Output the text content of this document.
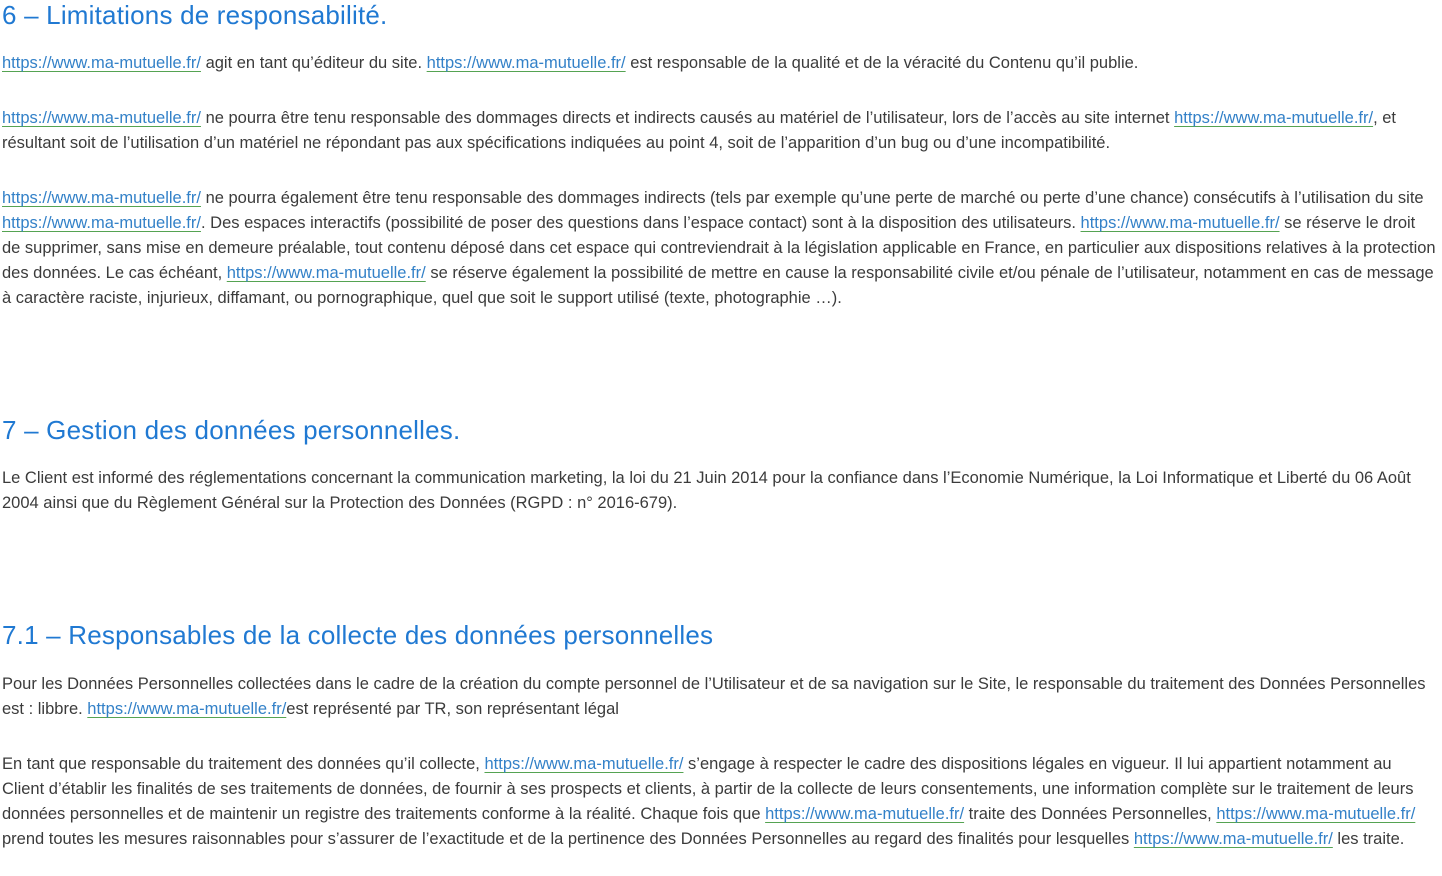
6 – Limitations de responsabilité.

https://www.ma-mutuelle.fr/ agit en tant qu’éditeur du site. https://www.ma-mutuelle.fr/ est responsable de la qualité et de la véracité du Contenu qu’il publie.

https://www.ma-mutuelle.fr/ ne pourra être tenu responsable des dommages directs et indirects causés au matériel de l’utilisateur, lors de l’accès au site internet https://www.ma-mutuelle.fr/, et résultant soit de l’utilisation d’un matériel ne répondant pas aux spécifications indiquées au point 4, soit de l’apparition d’un bug ou d’une incompatibilité.

https://www.ma-mutuelle.fr/ ne pourra également être tenu responsable des dommages indirects (tels par exemple qu’une perte de marché ou perte d’une chance) consécutifs à l’utilisation du site https://www.ma-mutuelle.fr/. Des espaces interactifs (possibilité de poser des questions dans l’espace contact) sont à la disposition des utilisateurs. https://www.ma-mutuelle.fr/ se réserve le droit de supprimer, sans mise en demeure préalable, tout contenu déposé dans cet espace qui contreviendrait à la législation applicable en France, en particulier aux dispositions relatives à la protection des données. Le cas échéant, https://www.ma-mutuelle.fr/ se réserve également la possibilité de mettre en cause la responsabilité civile et/ou pénale de l’utilisateur, notamment en cas de message à caractère raciste, injurieux, diffamant, ou pornographique, quel que soit le support utilisé (texte, photographie …).

7 – Gestion des données personnelles.

Le Client est informé des réglementations concernant la communication marketing, la loi du 21 Juin 2014 pour la confiance dans l’Economie Numérique, la Loi Informatique et Liberté du 06 Août 2004 ainsi que du Règlement Général sur la Protection des Données (RGPD : n° 2016-679).

7.1 – Responsables de la collecte des données personnelles

Pour les Données Personnelles collectées dans le cadre de la création du compte personnel de l’Utilisateur et de sa navigation sur le Site, le responsable du traitement des Données Personnelles est : libbre. https://www.ma-mutuelle.fr/est représenté par TR, son représentant légal

En tant que responsable du traitement des données qu’il collecte, https://www.ma-mutuelle.fr/ s’engage à respecter le cadre des dispositions légales en vigueur. Il lui appartient notamment au Client d’établir les finalités de ses traitements de données, de fournir à ses prospects et clients, à partir de la collecte de leurs consentements, une information complète sur le traitement de leurs données personnelles et de maintenir un registre des traitements conforme à la réalité. Chaque fois que https://www.ma-mutuelle.fr/ traite des Données Personnelles, https://www.ma-mutuelle.fr/ prend toutes les mesures raisonnables pour s’assurer de l’exactitude et de la pertinence des Données Personnelles au regard des finalités pour lesquelles https://www.ma-mutuelle.fr/ les traite.
